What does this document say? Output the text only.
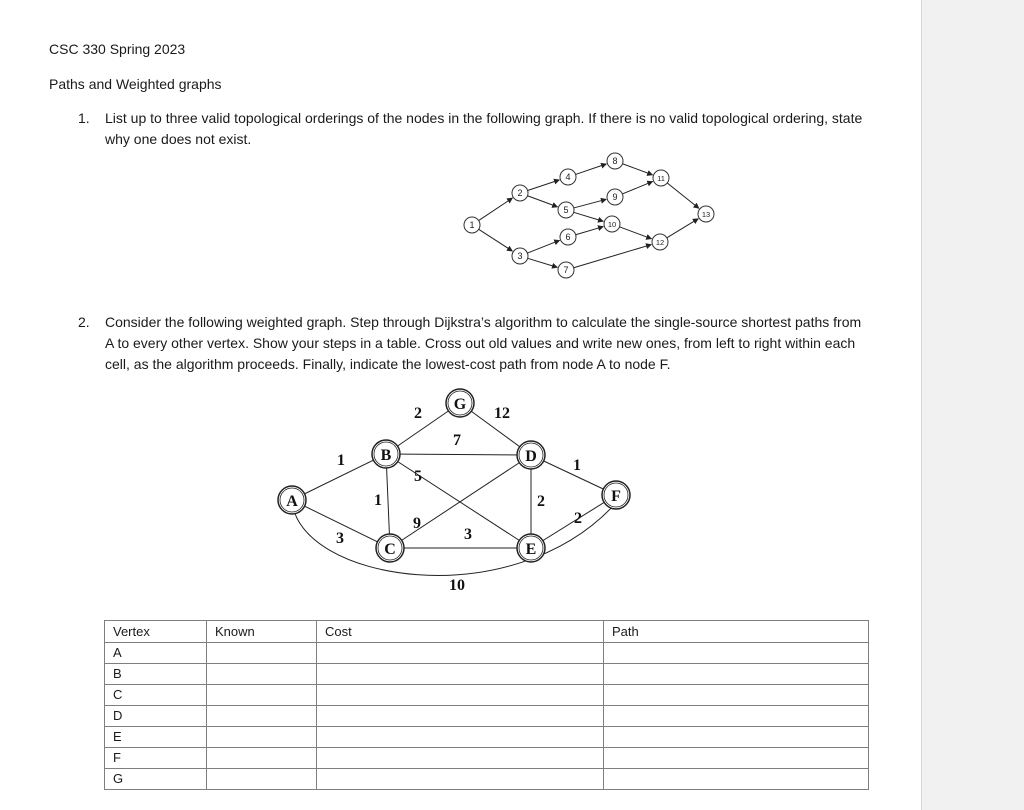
CSC 330 Spring 2023
Paths and Weighted graphs
1. List up to three valid topological orderings of the nodes in the following graph. If there is no valid topological ordering, state why one does not exist.
1
2
3
4
5
6
7
8
9
10
11
12
13
2. Consider the following weighted graph. Step through Dijkstra’s algorithm to calculate the single-source shortest paths from A to every other vertex. Show your steps in a table. Cross out old values and write new ones, from left to right within each cell, as the algorithm proceeds. Finally, indicate the lowest-cost path from node A to node F.
1
3
10
1
2
7
5
9
3
12
2
1
2
A
B
C
D
E
F
G
Vertex	Known	Cost	Path
A			
B			
C			
D			
E			
F			
G			
